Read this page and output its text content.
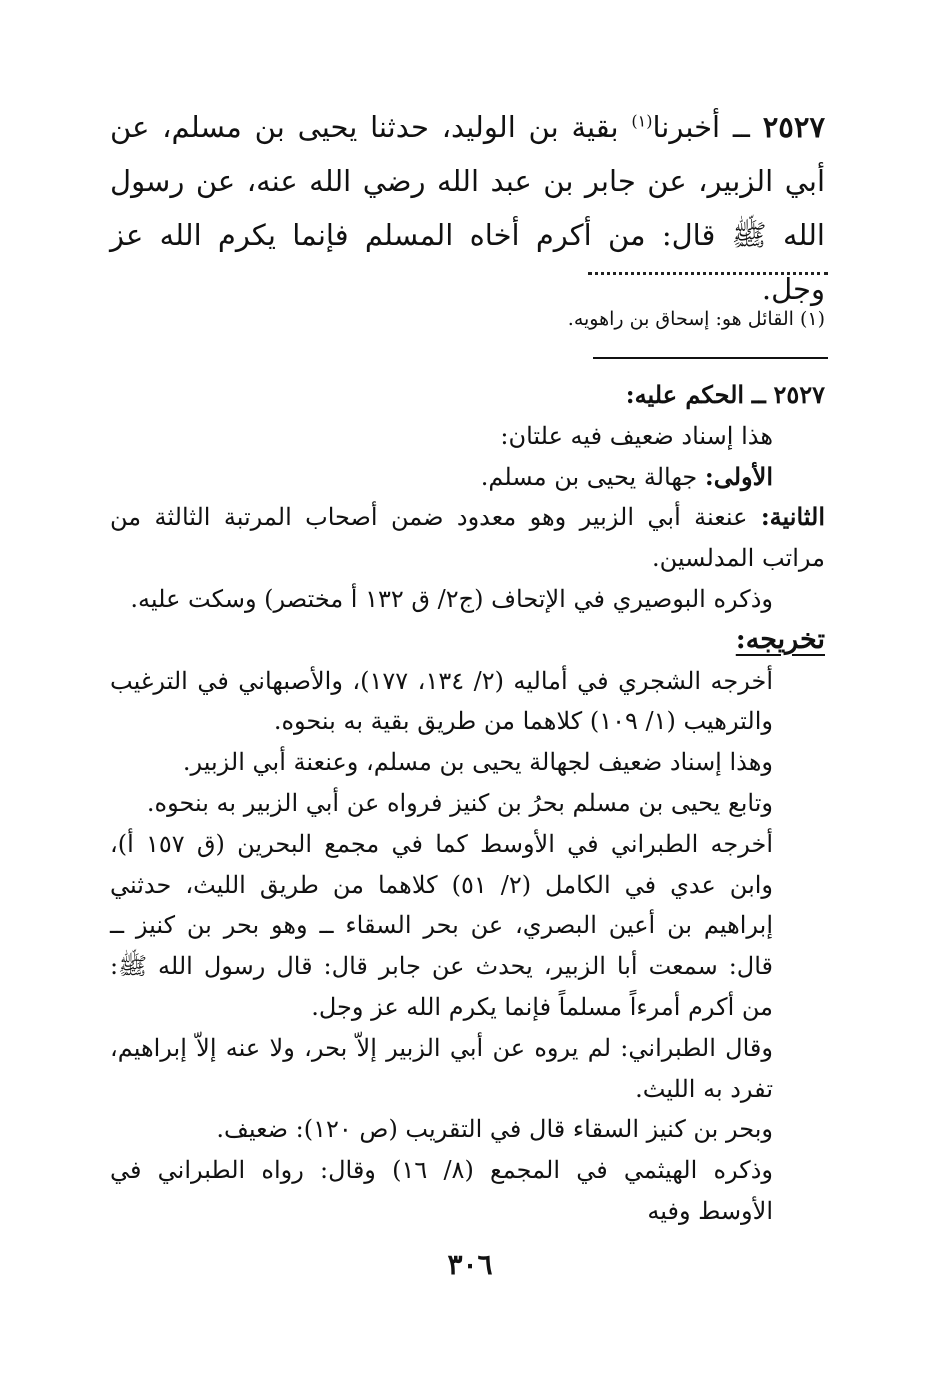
٢٥٢٧ ــ أخبرنا$^{(١)}$ بقية بن الوليد، حدثنا يحيى بن مسلم، عن أبي الزبير، عن جابر بن عبد الله رضي الله عنه، عن رسول الله ﷺ قال: من أكرم أخاه المسلم فإنما يكرم الله عز وجل.
(١) القائل هو: إسحاق بن راهويه.

٢٥٢٧ ــ الحكم عليه:

هذا إسناد ضعيف فيه علتان:

الأولى: جهالة يحيى بن مسلم.

الثانية: عنعنة أبي الزبير وهو معدود ضمن أصحاب المرتبة الثالثة من مراتب المدلسين.

وذكره البوصيري في الإتحاف (ج٢/ ق ١٣٢ أ مختصر) وسكت عليه.

تخريجه:

أخرجه الشجري في أماليه (٢/ ١٣٤، ١٧٧)، والأصبهاني في الترغيب والترهيب (١/ ١٠٩) كلاهما من طريق بقية به بنحوه.

وهذا إسناد ضعيف لجهالة يحيى بن مسلم، وعنعنة أبي الزبير.

وتابع يحيى بن مسلم بحرُ بن كنيز فرواه عن أبي الزبير به بنحوه.

أخرجه الطبراني في الأوسط كما في مجمع البحرين (ق ١٥٧ أ)، وابن عدي في الكامل (٢/ ٥١) كلاهما من طريق الليث، حدثني إبراهيم بن أعين البصري، عن بحر السقاء ــ وهو بحر بن كنيز ــ قال: سمعت أبا الزبير، يحدث عن جابر قال: قال رسول الله ﷺ: من أكرم أمرءاً مسلماً فإنما يكرم الله عز وجل.

وقال الطبراني: لم يروه عن أبي الزبير إلاّ بحر، ولا عنه إلاّ إبراهيم، تفرد به الليث.

وبحر بن كنيز السقاء قال في التقريب (ص ١٢٠): ضعيف.

وذكره الهيثمي في المجمع (٨/ ١٦) وقال: رواه الطبراني في الأوسط وفيه

٣٠٦
